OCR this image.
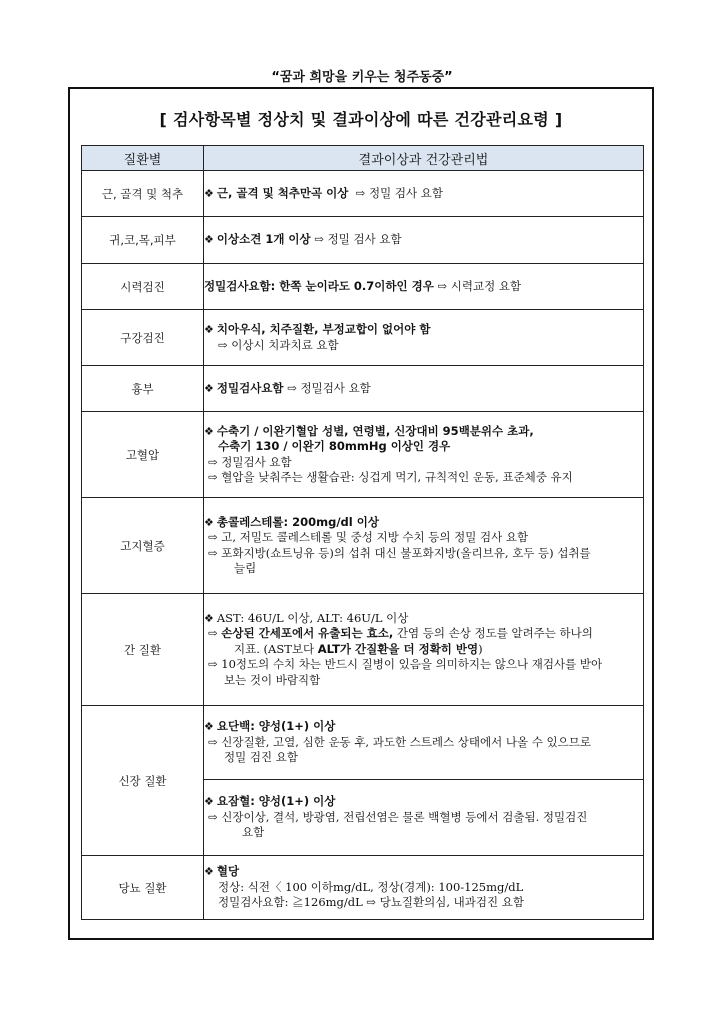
“꿈과 희망을 키우는 청주동중”
[ 검사항목별 정상치 및 결과이상에 따른 건강관리요령 ]
질환별	결과이상과 건강관리법
근, 골격 및 척추	❖ 근, 골격 및 척추만곡 이상 ⇨ 정밀 검사 요함

귀,코,목,피부	❖ 이상소견 1개 이상 ⇨ 정밀 검사 요함

시력검진	정밀검사요함: 한쪽 눈이라도 0.7이하인 경우 ⇨ 시력교정 요함

구강검진	❖ 치아우식, 치주질환, 부정교합이 없어야 함
⇨ 이상시 치과치료 요함

흉부	❖ 정밀검사요함 ⇨ 정밀검사 요함

고혈압	❖ 수축기 / 이완기혈압 성별, 연령별, 신장대비 95백분위수 초과,
수축기 130 / 이완기 80mmHg 이상인 경우
⇨ 정밀검사 요함
⇨ 혈압을 낮춰주는 생활습관: 싱겁게 먹기, 규칙적인 운동, 표준체중 유지

고지혈증	❖ 총콜레스테롤: 200mg/dl 이상
⇨ 고, 저밀도 콜레스테롤 및 중성 지방 수치 등의 정밀 검사 요함
⇨ 포화지방(쇼트닝유 등)의 섭취 대신 불포화지방(올리브유, 호두 등) 섭취를
늘림

간 질환	❖ AST: 46U/L 이상, ALT: 46U/L 이상
⇨ 손상된 간세포에서 유출되는 효소, 간염 등의 손상 정도를 알려주는 하나의
지표. (AST보다 ALT가 간질환을 더 정확히 반영)
⇨ 10정도의 수치 차는 반드시 질병이 있음을 의미하지는 않으나 재검사를 받아
보는 것이 바람직함

신장 질환	❖ 요단백: 양성(1+) 이상
⇨ 신장질환, 고열, 심한 운동 후, 과도한 스트레스 상태에서 나올 수 있으므로
정밀 검진 요함

	❖ 요잠혈: 양성(1+) 이상
⇨ 신장이상, 결석, 방광염, 전립선염은 물론 백혈병 등에서 검출됨. 정밀검진
요함

당뇨 질환	❖ 혈당
정상: 식전〈 100 이하mg/dL, 정상(경계): 100-125mg/dL
정밀검사요함: ≧126mg/dL ⇨ 당뇨질환의심, 내과검진 요함
